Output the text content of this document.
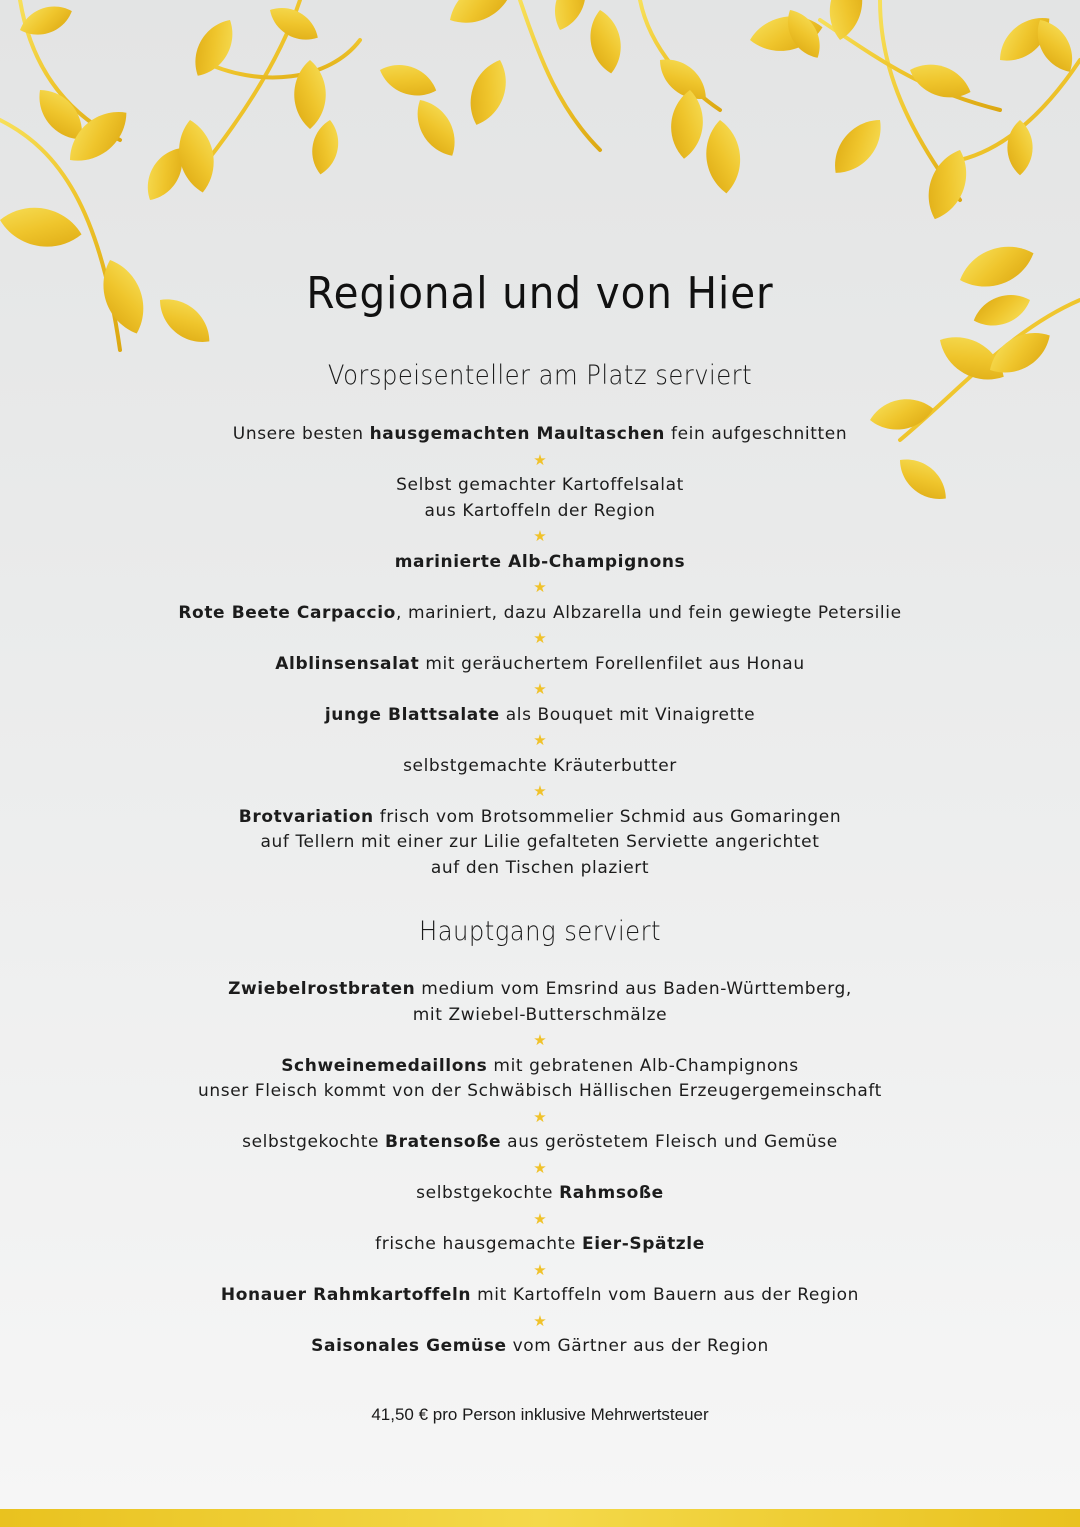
Regional und von Hier
Vorspeisenteller am Platz serviert
Unsere besten hausgemachten Maultaschen fein aufgeschnitten
★
Selbst gemachter Kartoffelsalat
aus Kartoffeln der Region
★
marinierte Alb-Champignons
★
Rote Beete Carpaccio, mariniert, dazu Albzarella und fein gewiegte Petersilie
★
Alblinsensalat mit geräuchertem Forellenfilet aus Honau
★
junge Blattsalate als Bouquet mit Vinaigrette
★
selbstgemachte Kräuterbutter
★
Brotvariation frisch vom Brotsommelier Schmid aus Gomaringen
auf Tellern mit einer zur Lilie gefalteten Serviette angerichtet
auf den Tischen plaziert
Hauptgang serviert
Zwiebelrostbraten medium vom Emsrind aus Baden-Württemberg,
mit Zwiebel-Butterschmälze
★
Schweinemedaillons mit gebratenen Alb-Champignons
unser Fleisch kommt von der Schwäbisch Hällischen Erzeugergemeinschaft
★
selbstgekochte Bratensoße aus geröstetem Fleisch und Gemüse
★
selbstgekochte Rahmsoße
★
frische hausgemachte Eier-Spätzle
★
Honauer Rahmkartoffeln mit Kartoffeln vom Bauern aus der Region
★
Saisonales Gemüse vom Gärtner aus der Region
41,50 € pro Person inklusive Mehrwertsteuer
